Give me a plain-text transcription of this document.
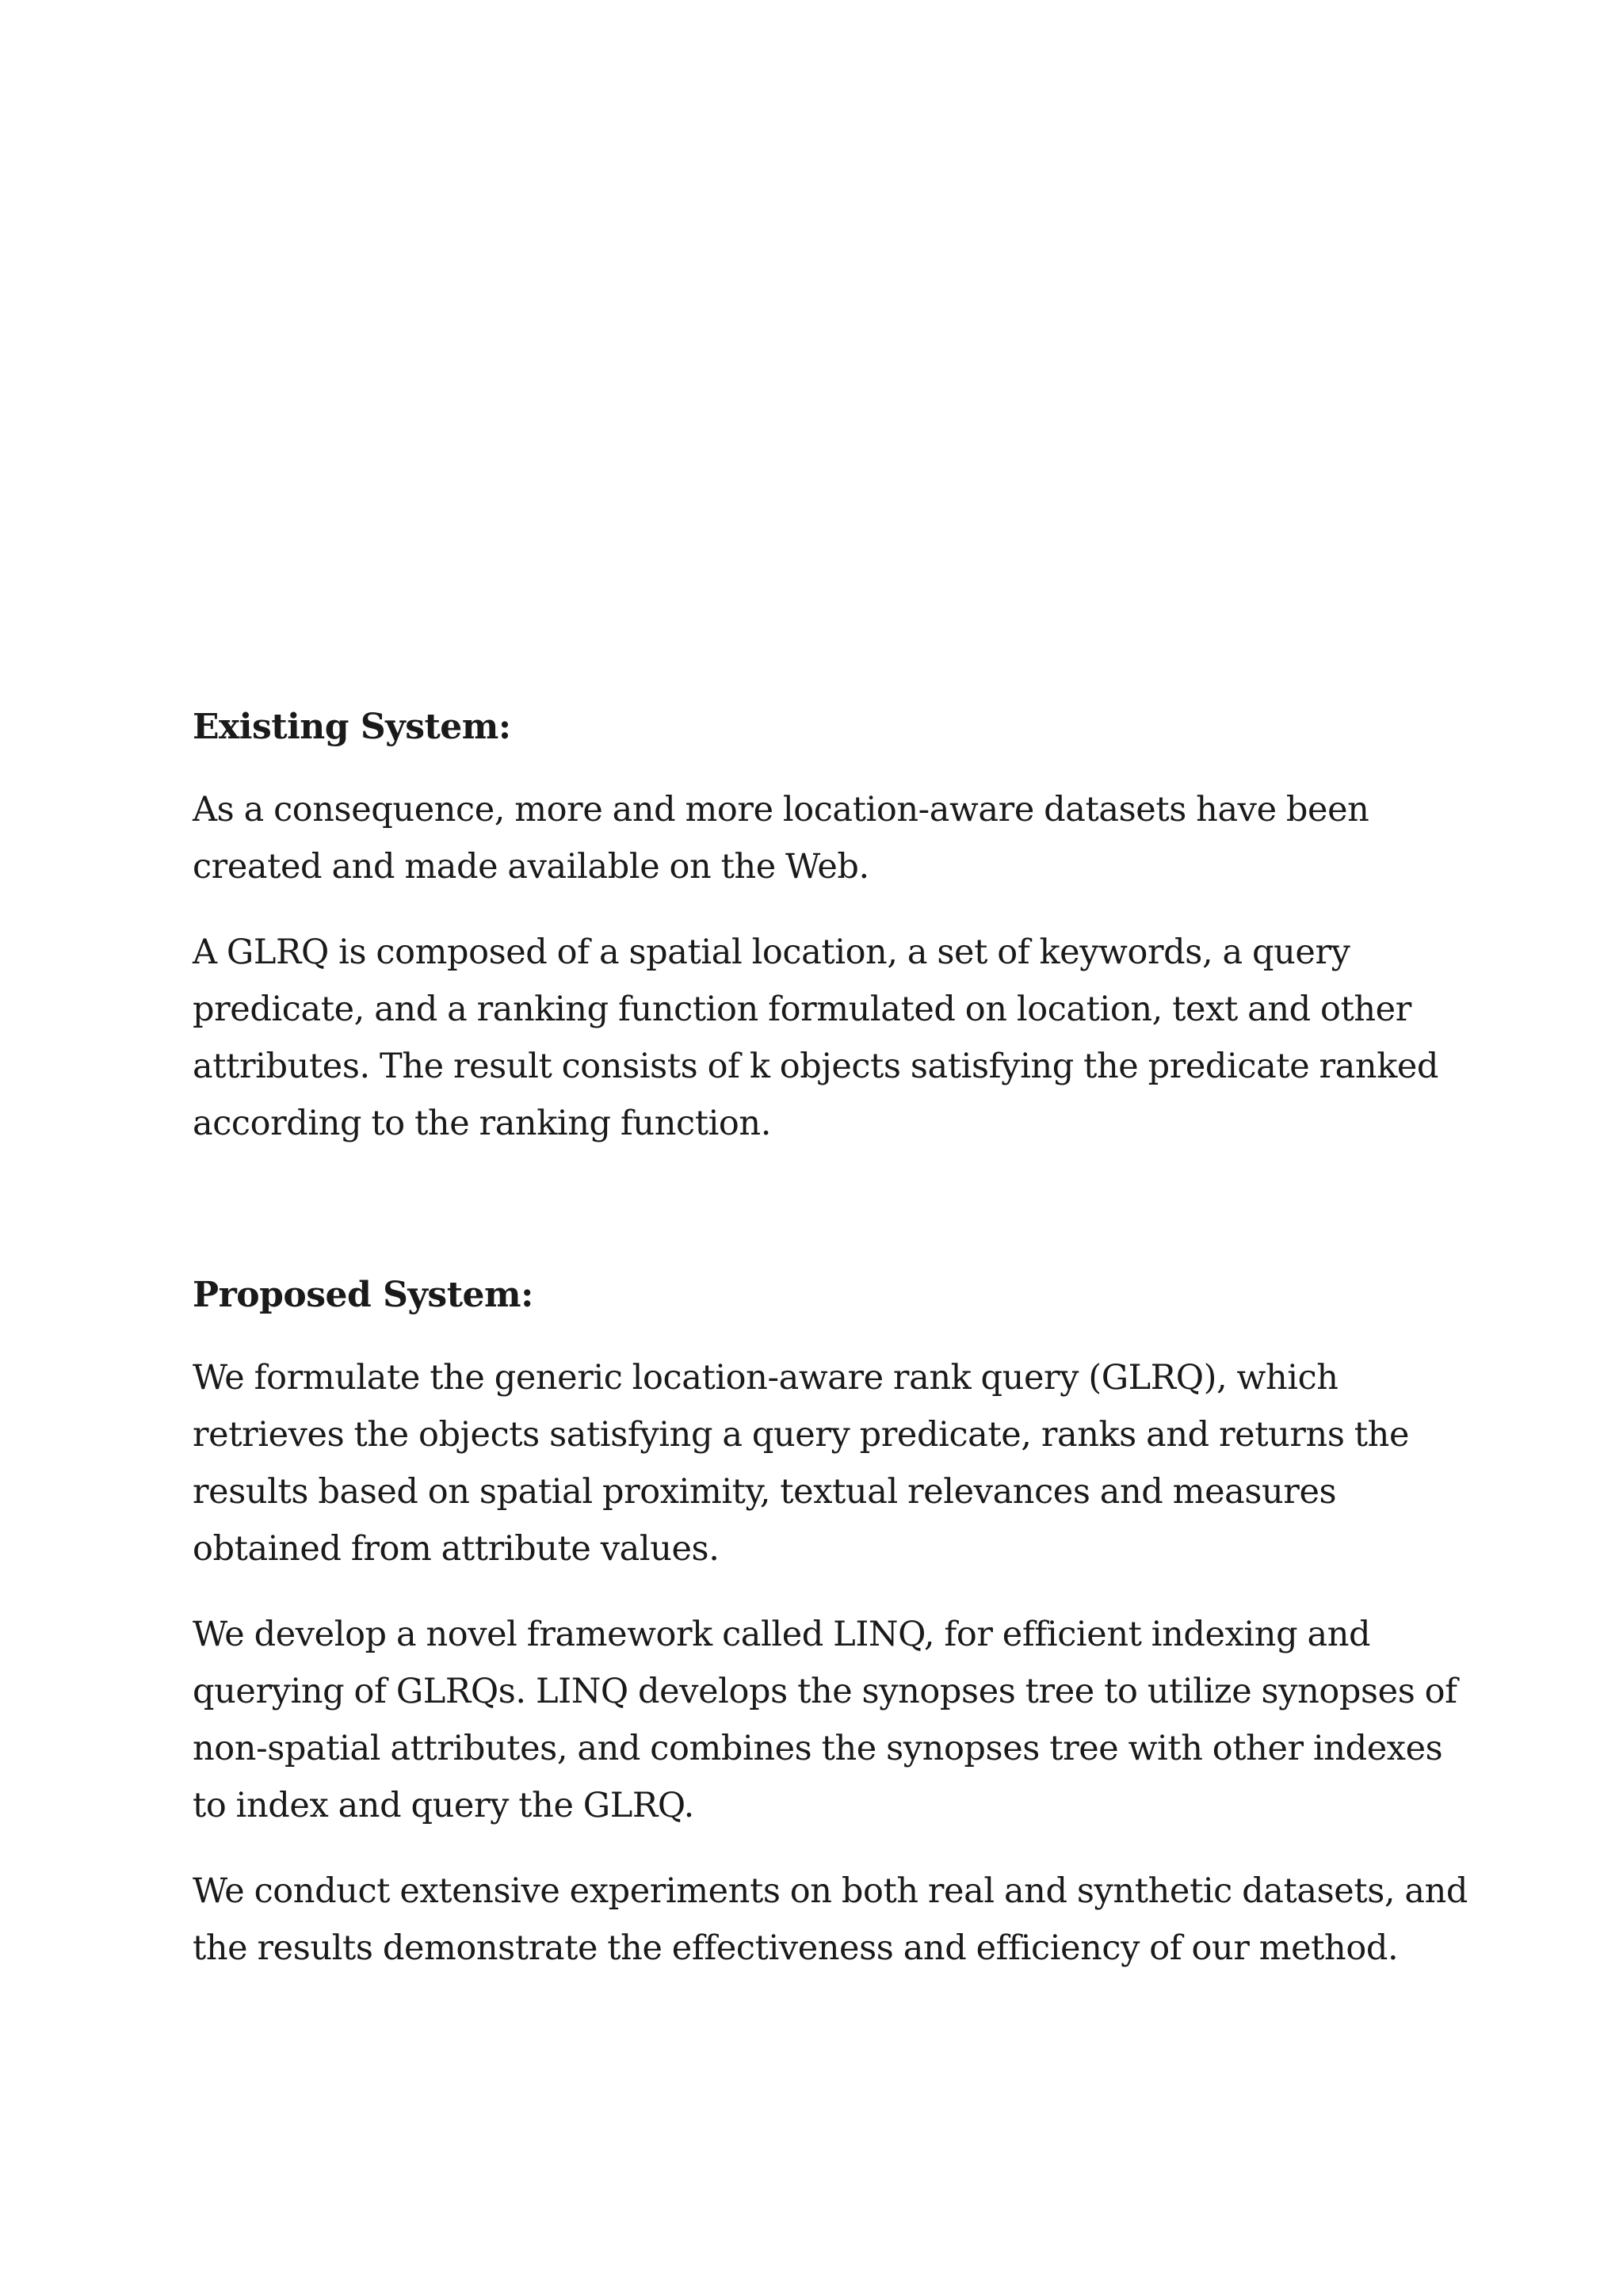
Existing System:
As a consequence, more and more location-aware datasets have been
created and made available on the Web.
A GLRQ is composed of a spatial location, a set of keywords, a query
predicate, and a ranking function formulated on location, text and other
attributes. The result consists of k objects satisfying the predicate ranked
according to the ranking function.
Proposed System:
We formulate the generic location-aware rank query (GLRQ), which
retrieves the objects satisfying a query predicate, ranks and returns the
results based on spatial proximity, textual relevances and measures
obtained from attribute values.
We develop a novel framework called LINQ, for efficient indexing and
querying of GLRQs. LINQ develops the synopses tree to utilize synopses of
non-spatial attributes, and combines the synopses tree with other indexes
to index and query the GLRQ.
We conduct extensive experiments on both real and synthetic datasets, and
the results demonstrate the effectiveness and efficiency of our method.
